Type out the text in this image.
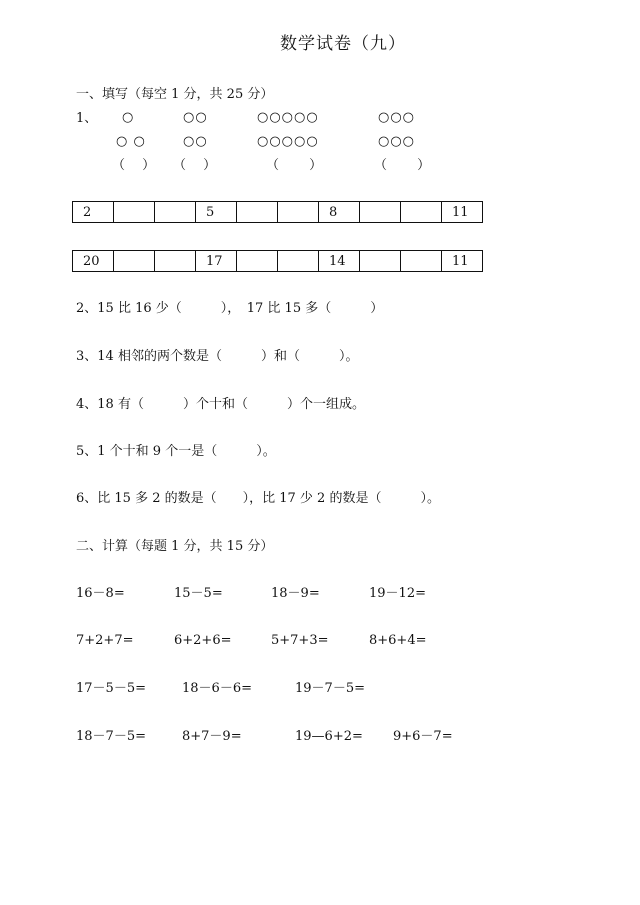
数学试卷（九）
一、填写（每空 1 分，共 25 分）
1、 ○	○○	○○○○○	○○○
○ ○	○○	○○○○○	○○○
（　 ） （　 ）	（　　 ）	（　　 ）
2			5			8			11
20			17			14			11
2、15 比 16 少（　　　），　17 比 15 多（　　　）
3、14 相邻的两个数是（　　　）和（　　　）。
4、18 有（　　　）个十和（　　　）个一组成。
5、1 个十和 9 个一是（　　　）。
6、比 15 多 2 的数是（　　），比 17 少 2 的数是（　　　）。
二、计算（每题 1 分，共 15 分）
16－8=	15－5=	18－9=	19－12=
7+2+7=	6+2+6=	5+7+3=	8+6+4=
17－5－5=	18－6－6=	19－7－5=
18－7－5=	8+7－9=	19—6+2= 9+6－7=
